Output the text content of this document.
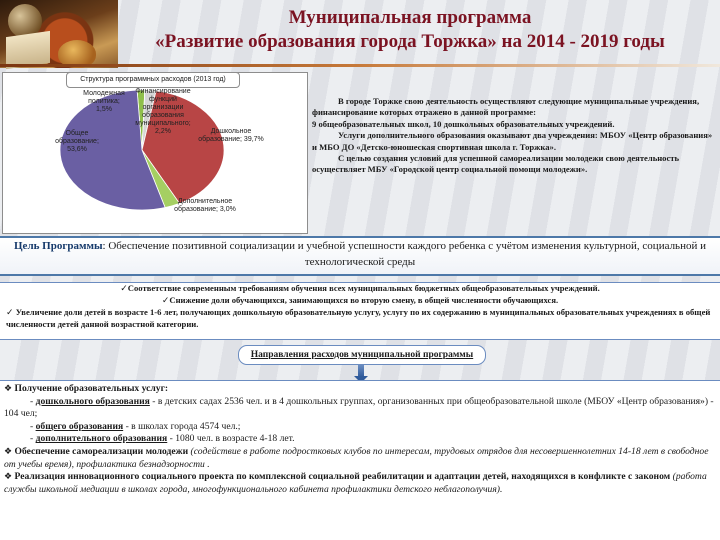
Муниципальная программа
«Развитие образования города Торжка» на 2014 - 2019 годы
Структура программных расходов (2013 год)
Общее образование; 53,6%
Молодежная политика; 1,5%
Финансирование функций организации образования муниципального; 2,2%	Дошкольное образование; 39,7%
Дополнительное образование; 3,0%

В городе Торжке свою деятельность осуществляют следующие муниципальные учреждения, финансирование которых отражено в данной программе:

9 общеобразовательных школ, 10 дошкольных образовательных учреждений.

Услуги дополнительного образования оказывают два учреждения: МБОУ «Центр образования» и МБО ДО «Детско-юношеская спортивная школа г. Торжка».

С целью создания условий для успешной самореализации молодежи свою деятельность осуществляет МБУ «Городской центр социальной помощи молодежи».

Цель Программы: Обеспечение позитивной социализации и учебной успешности каждого ребенка с учётом изменения культурной, социальной и технологической среды
✓Соответствие современным требованиям обучения всех муниципальных бюджетных общеобразовательных учреждений.
✓Снижение доли обучающихся, занимающихся во вторую смену, в общей численности обучающихся.
✓ Увеличение доли детей в возрасте 1-6 лет, получающих дошкольную образовательную услугу, услугу по их содержанию в муниципальных образовательных учреждениях в общей численности детей данной возрастной категории.
Направления расходов муниципальной программы

❖ Получение образовательных услуг:

- дошкольного образования - в детских садах 2536 чел. и в 4 дошкольных группах, организованных при общеобразовательной школе (МБОУ «Центр образования») - 104 чел;

- общего образования - в школах города 4574 чел.;

- дополнительного образования - 1080 чел. в возрасте 4-18 лет.

❖ Обеспечение самореализации молодежи (содействие в работе подростковых клубов по интересам, трудовых отрядов для несовершеннолетних 14-18 лет в свободное от учебы время), профилактика безнадзорности .

❖ Реализация инновационного социального проекта по комплексной социальной реабилитации и адаптации детей, находящихся в конфликте с законом (работа службы школьной медиации в школах города, многофункционального кабинета профилактики детского неблагополучия).
